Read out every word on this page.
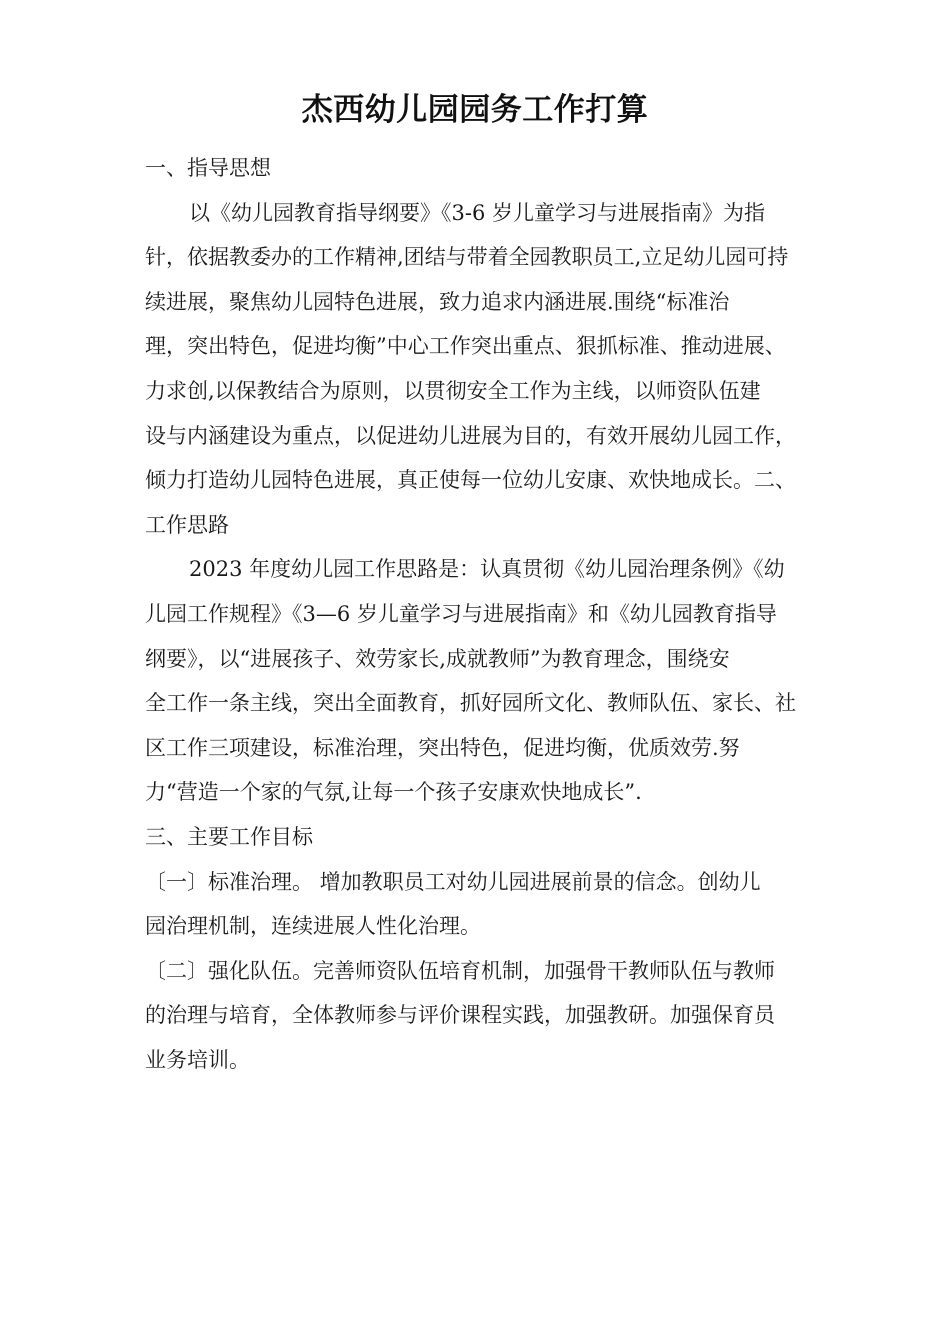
杰西幼儿园园务工作打算
一、指导思想
以《幼儿园教育指导纲要》《3-6 岁儿童学习与进展指南》为指
针，依据教委办的工作精神,团结与带着全园教职员工,立足幼儿园可持
续进展，聚焦幼儿园特色进展，致力追求内涵进展.围绕“标准治
理，突出特色，促进均衡”中心工作突出重点、狠抓标准、推动进展、
力求创,以保教结合为原则，以贯彻安全工作为主线，以师资队伍建
设与内涵建设为重点，以促进幼儿进展为目的，有效开展幼儿园工作，
倾力打造幼儿园特色进展，真正使每一位幼儿安康、欢快地成长。二、
工作思路
2023 年度幼儿园工作思路是：认真贯彻《幼儿园治理条例》《幼
儿园工作规程》《3—6 岁儿童学习与进展指南》和《幼儿园教育指导
纲要》，以“进展孩子、效劳家长,成就教师”为教育理念，围绕安
全工作一条主线，突出全面教育，抓好园所文化、教师队伍、家长、社
区工作三项建设，标准治理，突出特色，促进均衡，优质效劳.努
力“营造一个家的气氛,让每一个孩子安康欢快地成长”.
三、主要工作目标
〔一〕标准治理。 增加教职员工对幼儿园进展前景的信念。创幼儿
园治理机制，连续进展人性化治理。
〔二〕强化队伍。完善师资队伍培育机制，加强骨干教师队伍与教师
的治理与培育，全体教师参与评价课程实践，加强教研。加强保育员
业务培训。
